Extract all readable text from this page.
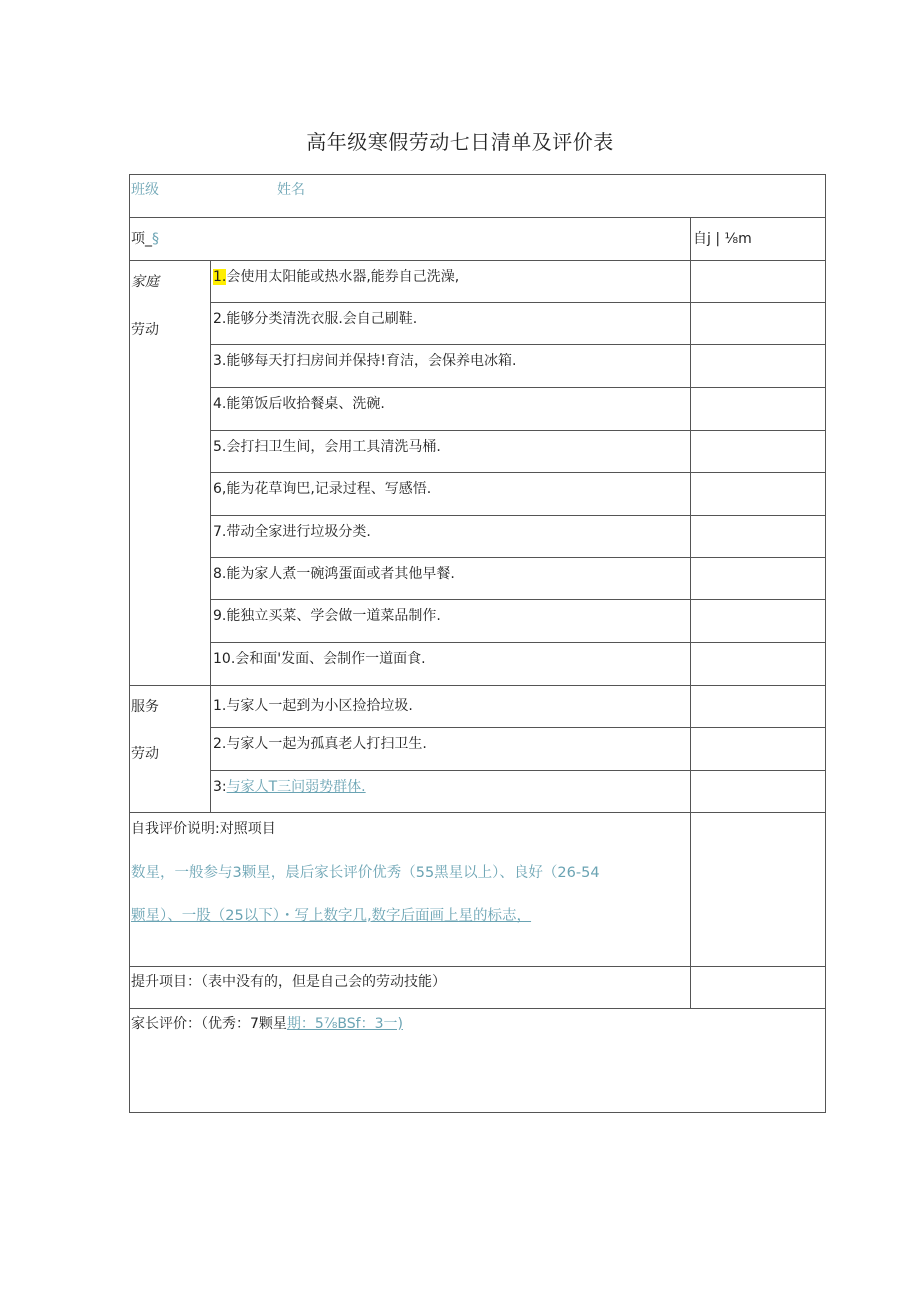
高年级寒假劳动七日清单及评价表
班级	姓名
项_§	自j | ⅛m
家庭
劳动
1.会使用太阳能或热水器,能券自己洗澡,
2.能够分类清洗衣服.会自己刷鞋.
3.能够每天打扫房间并保持!育洁，会保养电冰箱.
4.能第饭后收拾餐桌、洗碗.
5.会打扫卫生间，会用工具清洗马桶.
6,能为花草询巴,记录过程、写感悟.
7.带动全家进行垃圾分类.
8.能为家人煮一碗鸿蛋面或者其他早餐.
9.能独立买菜、学会做一道菜品制作.
10.会和面'发面、会制作一道面食.
服务
劳动
1.与家人一起到为小区捡拾垃圾.
2.与家人一起为孤真老人打扫卫生.
3:与家人T三问弱势群体.
自我评价说明:对照项目
数星，一般参与3颗星，晨后家长评价优秀（55黑星以上）、良好（26-54
颗星）、一股（25以下）・写上数字几,数字后面画上星的标志，
提升项目：（表中没有的，但是自己会的劳动技能）
家长评价：（优秀：7颗星期：5⅞BSf：3一)
